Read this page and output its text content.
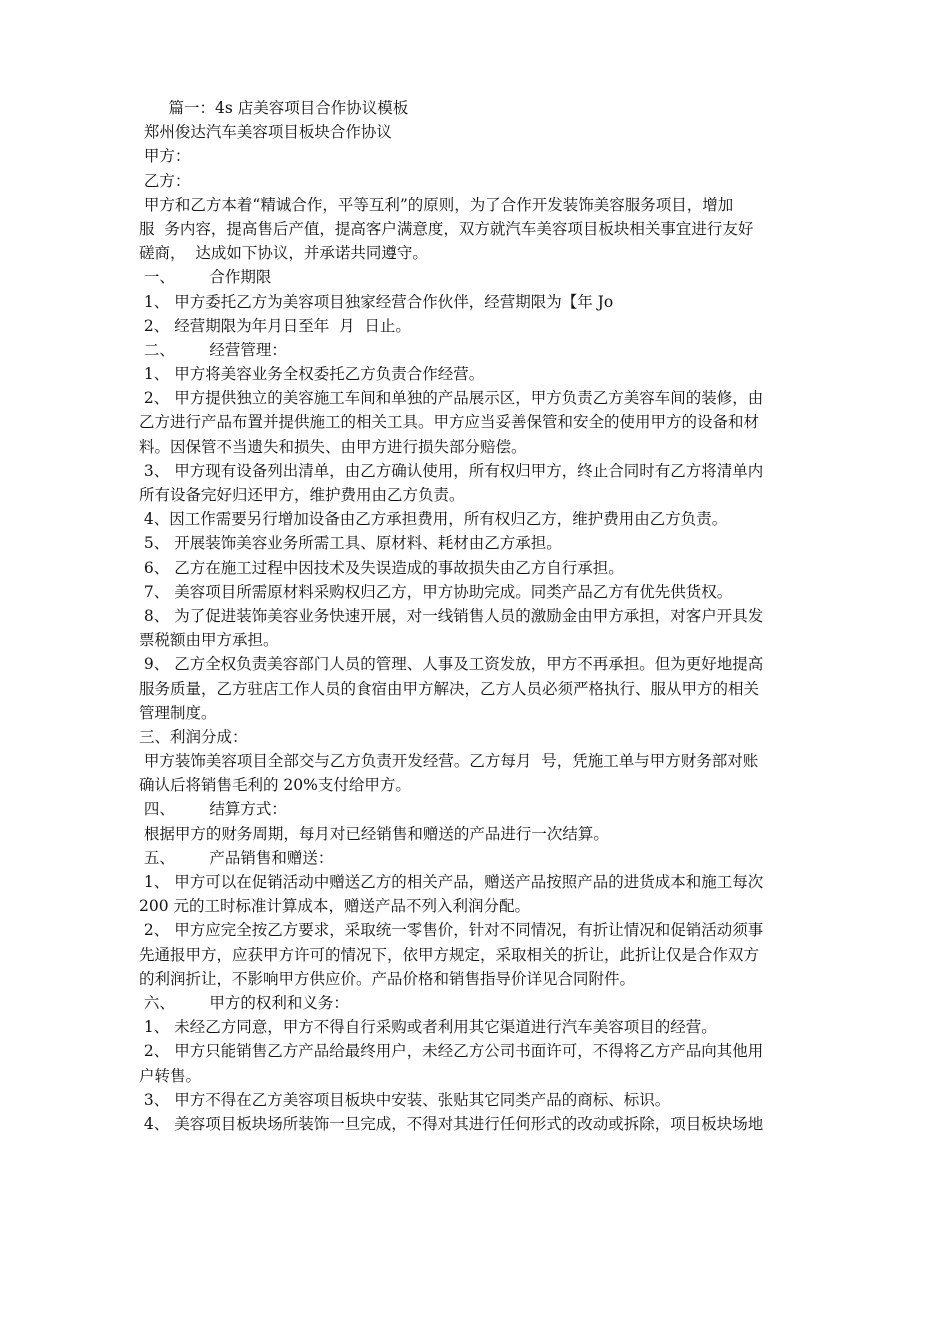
篇一：4s 店美容项目合作协议模板
郑州俊达汽车美容项目板块合作协议
甲方：
乙方：
甲方和乙方本着“精诚合作，平等互利”的原则，为了合作开发装饰美容服务项目，增加
服  务内容，提高售后产值，提高客户满意度，双方就汽车美容项目板块相关事宜进行友好
磋商，  达成如下协议，并承诺共同遵守。
一、       合作期限
1、 甲方委托乙方为美容项目独家经营合作伙伴，经营期限为【年 Jo
2、 经营期限为年月日至年  月  日止。
二、       经营管理：
1、 甲方将美容业务全权委托乙方负责合作经营。
2、 甲方提供独立的美容施工车间和单独的产品展示区，甲方负责乙方美容车间的装修，由
乙方进行产品布置并提供施工的相关工具。甲方应当妥善保管和安全的使用甲方的设备和材
料。因保管不当遗失和损失、由甲方进行损失部分赔偿。
3、 甲方现有设备列出清单，由乙方确认使用，所有权归甲方，终止合同时有乙方将清单内
所有设备完好归还甲方，维护费用由乙方负责。
4、因工作需要另行增加设备由乙方承担费用，所有权归乙方，维护费用由乙方负责。
5、 开展装饰美容业务所需工具、原材料、耗材由乙方承担。
6、 乙方在施工过程中因技术及失误造成的事故损失由乙方自行承担。
7、 美容项目所需原材料采购权归乙方，甲方协助完成。同类产品乙方有优先供货权。
8、 为了促进装饰美容业务快速开展，对一线销售人员的激励金由甲方承担，对客户开具发
票税额由甲方承担。
9、 乙方全权负责美容部门人员的管理、人事及工资发放，甲方不再承担。但为更好地提高
服务质量，乙方驻店工作人员的食宿由甲方解决，乙方人员必须严格执行、服从甲方的相关
管理制度。
三、利润分成：
甲方装饰美容项目全部交与乙方负责开发经营。乙方每月  号，凭施工单与甲方财务部对账
确认后将销售毛利的 20%支付给甲方。
四、       结算方式：
根据甲方的财务周期，每月对已经销售和赠送的产品进行一次结算。
五、       产品销售和赠送：
1、 甲方可以在促销活动中赠送乙方的相关产品，赠送产品按照产品的进货成本和施工每次
200 元的工时标准计算成本，赠送产品不列入利润分配。
2、 甲方应完全按乙方要求，采取统一零售价，针对不同情况，有折让情况和促销活动须事
先通报甲方，应获甲方许可的情况下，依甲方规定，采取相关的折让，此折让仅是合作双方
的利润折让，不影响甲方供应价。产品价格和销售指导价详见合同附件。
六、       甲方的权利和义务：
1、 未经乙方同意，甲方不得自行采购或者利用其它渠道进行汽车美容项目的经营。
2、 甲方只能销售乙方产品给最终用户，未经乙方公司书面许可，不得将乙方产品向其他用
户转售。
3、 甲方不得在乙方美容项目板块中安装、张贴其它同类产品的商标、标识。
4、 美容项目板块场所装饰一旦完成，不得对其进行任何形式的改动或拆除，项目板块场地
